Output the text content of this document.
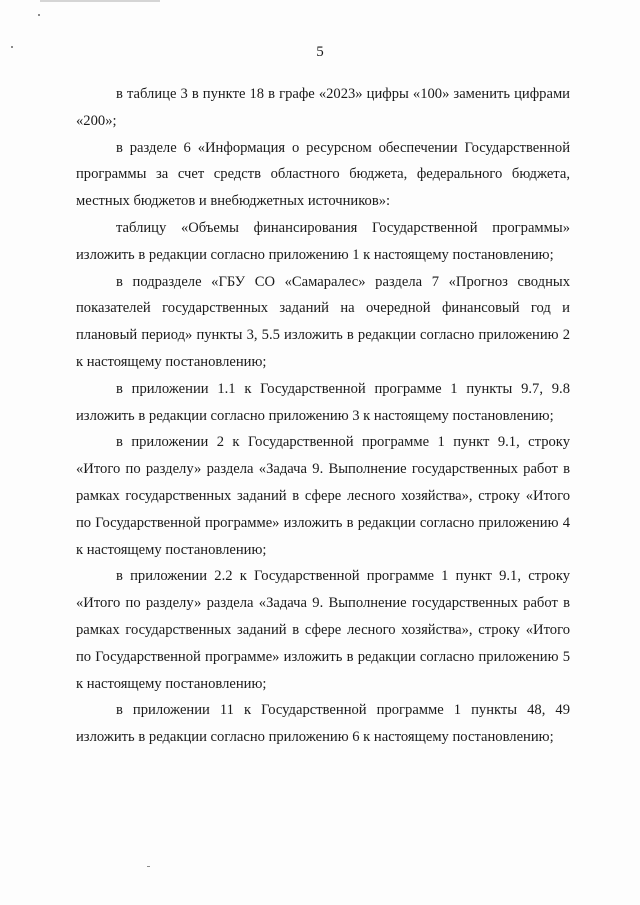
5

в таблице 3 в пункте 18 в графе «2023» цифры «100» заменить цифрами «200»;

в разделе 6 «Информация о ресурсном обеспечении Государственной программы за счет средств областного бюджета, федерального бюджета, местных бюджетов и внебюджетных источников»:

таблицу «Объемы финансирования Государственной программы» изложить в редакции согласно приложению 1 к настоящему постановлению;

в подразделе «ГБУ СО «Самаралес» раздела 7 «Прогноз сводных показателей государственных заданий на очередной финансовый год и плановый период» пункты 3, 5.5 изложить в редакции согласно приложению 2 к настоящему постановлению;

в приложении 1.1 к Государственной программе 1 пункты 9.7, 9.8 изложить в редакции согласно приложению 3 к настоящему постановлению;

в приложении 2 к Государственной программе 1 пункт 9.1, строку «Итого по разделу» раздела «Задача 9. Выполнение государственных работ в рамках государственных заданий в сфере лесного хозяйства», строку «Итого по Государственной программе» изложить в редакции согласно приложению 4 к настоящему постановлению;

в приложении 2.2 к Государственной программе 1 пункт 9.1, строку «Итого по разделу» раздела «Задача 9. Выполнение государственных работ в рамках государственных заданий в сфере лесного хозяйства», строку «Итого по Государственной программе» изложить в редакции согласно приложению 5 к настоящему постановлению;

в приложении 11 к Государственной программе 1 пункты 48, 49 изложить в редакции согласно приложению 6 к настоящему постановлению;
